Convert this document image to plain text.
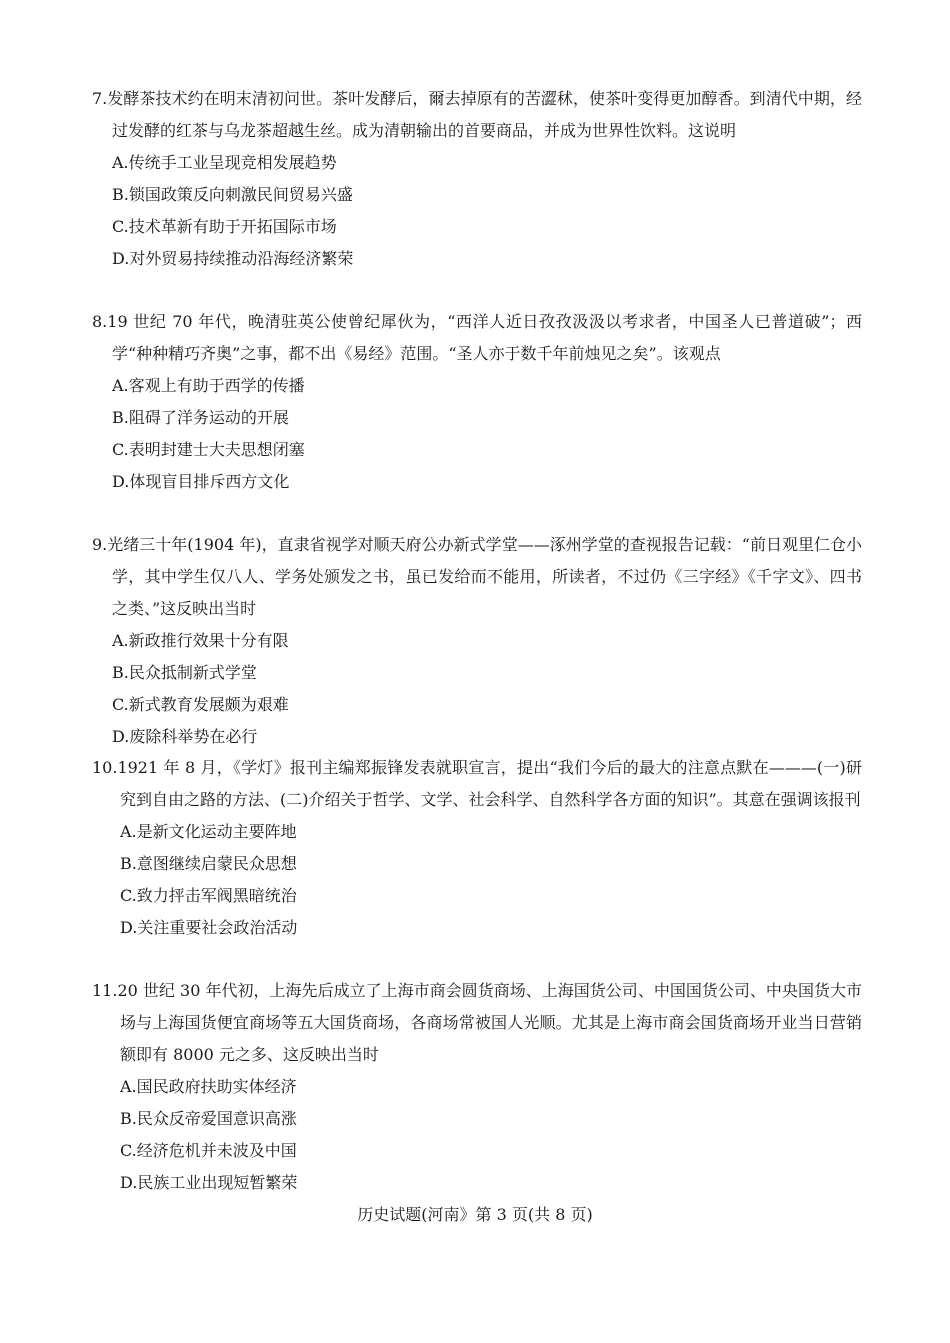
7.发酵茶技术约在明末清初问世。茶叶发酵后，爾去掉原有的苦澀秫，使茶叶变得更加醇香。到清代中期，经过发酵的红茶与乌龙茶超越生丝。成为清朝输出的首要商品，并成为世界性饮料。这说明

A.传统手工业呈现竞相发展趋势

B.锁国政策反向刺激民间贸易兴盛

C.技术革新有助于开拓国际市场

D.对外贸易持续推动沿海经济繁荣

8.19 世纪 70 年代，晚清驻英公使曾纪犀伙为，“西洋人近日孜孜汲汲以考求者，中国圣人已普道破”；西学“种种精巧齐奥”之事，都不出《易经》范围。“圣人亦于数千年前烛见之矣”。该观点

A.客观上有助于西学的传播

B.阻碍了洋务运动的开展

C.表明封建士大夫思想闭塞

D.体现盲目排斥西方文化

9.光绪三十年(1904 年)，直隶省视学对顺天府公办新式学堂——涿州学堂的查视报告记载：“前日观里仁仓小学，其中学生仅八人、学务处颁发之书，虽已发给而不能用，所读者，不过仍《三字经》《千字文》、四书之类、”这反映出当时

A.新政推行效果十分有限

B.民众抵制新式学堂

C.新式教育发展颇为艰难

D.废除科举势在必行

10.1921 年 8 月，《学灯》报刊主编郑振锋发表就职宣言，提出“我们今后的最大的注意点默在———(一)研究到自由之路的方法、(二)介绍关于哲学、文学、社会科学、自然科学各方面的知识”。其意在强调该报刊

A.是新文化运动主要阵地

B.意图继续启蒙民众思想

C.致力抨击军阀黑暗统治

D.关注重要社会政治活动

11.20 世纪 30 年代初，上海先后成立了上海市商会圆货商场、上海国货公司、中国国货公司、中央国货大市场与上海国货便宜商场等五大国货商场，各商场常被国人光顺。尤其是上海市商会国货商场开业当日营销额即有 8000 元之多、这反映出当时

A.国民政府扶助实体经济

B.民众反帝爱国意识高涨

C.经济危机并未波及中国

D.民族工业出现短暂繁荣

历史试题(河南》第 3 页(共 8 页)
